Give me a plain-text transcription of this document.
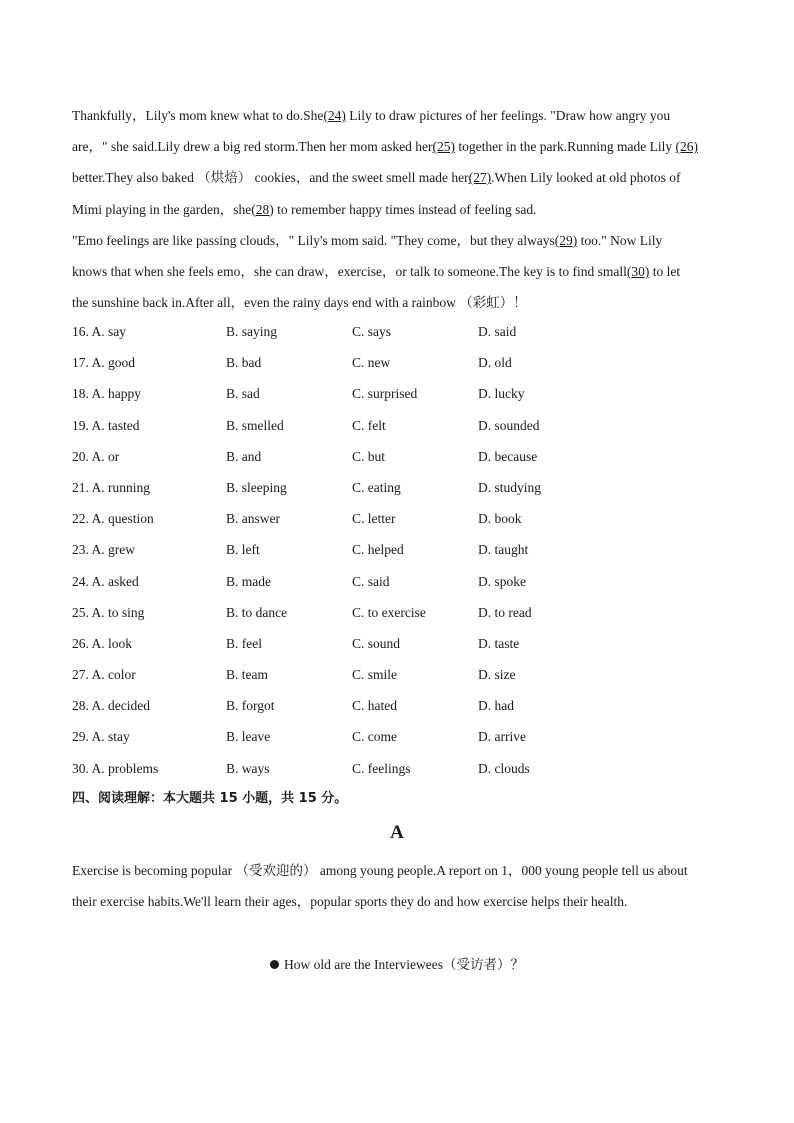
Thankfully，Lily's mom knew what to do.She(24) Lily to draw pictures of her feelings. "Draw how angry you
are，" she said.Lily drew a big red storm.Then her mom asked her(25) together in the park.Running made Lily (26)
better.They also baked （烘焙） cookies，and the sweet smell made her(27).When Lily looked at old photos of
Mimi playing in the garden，she(28) to remember happy times instead of feeling sad.
"Emo feelings are like passing clouds，" Lily's mom said. "They come，but they always(29) too." Now Lily
knows that when she feels emo，she can draw，exercise，or talk to someone.The key is to find small(30) to let
the sunshine back in.After all，even the rainy days end with a rainbow （彩虹）！
16. A. say	B. saying	C. says	D. said
17. A. good	B. bad	C. new	D. old
18. A. happy	B. sad	C. surprised	D. lucky
19. A. tasted	B. smelled	C. felt	D. sounded
20. A. or	B. and	C. but	D. because
21. A. running	B. sleeping	C. eating	D. studying
22. A. question	B. answer	C. letter	D. book
23. A. grew	B. left	C. helped	D. taught
24. A. asked	B. made	C. said	D. spoke
25. A. to sing	B. to dance	C. to exercise	D. to read
26. A. look	B. feel	C. sound	D. taste
27. A. color	B. team	C. smile	D. size
28. A. decided	B. forgot	C. hated	D. had
29. A. stay	B. leave	C. come	D. arrive
30. A. problems	B. ways	C. feelings	D. clouds
四、阅读理解：本大题共 15 小题，共 15 分。
A
Exercise is becoming popular （受欢迎的） among young people.A report on 1，000 young people tell us about
their exercise habits.We'll learn their ages，popular sports they do and how exercise helps their health.
How old are the Interviewees（受访者）？
